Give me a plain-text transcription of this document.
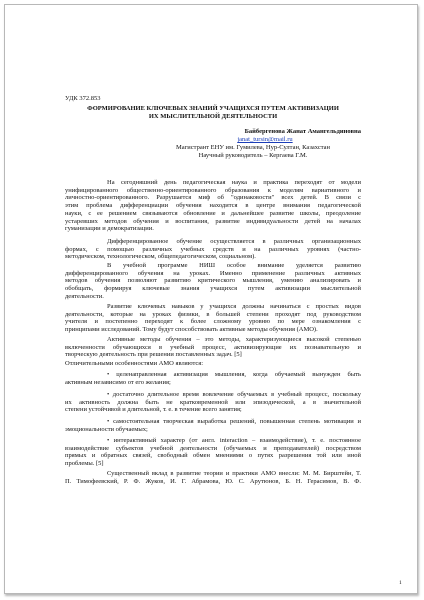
УДК 372.853
ФОРМИРОВАНИЕ КЛЮЧЕВЫХ ЗНАНИЙ УЧАЩИХСЯ ПУТЕМ АКТИВИЗАЦИИ
ИХ МЫСЛИТЕЛЬНОЙ ДЕЯТЕЛЬНОСТИ
Байбергенова Жанат Амангельдиновна
janat_tursin@mail.ru
Магистрант ЕНУ им. Гумилева, Нур-Султан, Казахстан
Научный руководитель – Кергаева Г.М.
На сегодняшний день педагогическая наука и практика переходят от модели
унифицированного общественно-ориентированного образования к моделям вариативного и
личностно-ориентированного. Разрушается миф об "одинаковости" всех детей. В связи с
этим проблема дифференциации обучения находится в центре внимания педагогической
науки, с ее решением связываются обновление и дальнейшее развитие школы, преодоление
устаревших методов обучения и воспитания, развитие индивидуальности детей на началах
гуманизации и демократизации.
Дифференцированное обучение осуществляется в различных организационных
формах, с помощью различных учебных средств и на различных уровнях (частно-
методическом, технологическом, общепедагогическом, социальном).
В учебной программе НИШ особое внимание уделяется развитию
дифференцированного обучения на уроках. Именно применение различных активных
методов обучения позволяют развитию критического мышления, умению анализировать и
обобщать, формируя ключевые знания учащихся путем активизации мыслительной
деятельности.
Развитие ключевых навыков у учащихся должны начинаться с простых видов
деятельности, которые на уроках физики, в большей степени проходят под руководством
учителя и постепенно переходят к более сложному уровню по мере ознакомления с
принципами исследований. Тому будут способствовать активные методы обучения (АМО).
Активные методы обучения – это методы, характеризующиеся высокой степенью
включенности обучающихся в учебный процесс, активизирующие их познавательную и
творческую деятельность при решении поставленных задач. [5]
Отличительными особенностями АМО являются:
• целенаправленная активизация мышления, когда обучаемый вынужден быть
активным независимо от его желания;
• достаточно длительное время вовлечение обучаемых в учебный процесс, поскольку
их активность должна быть не кратковременной или эпизодической, а в значительной
степени устойчивой и длительной, т. е. в течение всего занятия;
• самостоятельная творческая выработка решений, повышенная степень мотивации и
эмоциональности обучаемых;
• интерактивный характер (от англ. interaction – взаимодействие), т. е. постоянное
взаимодействие субъектов учебной деятельности (обучаемых и преподавателей) посредством
прямых и обратных связей, свободный обмен мнениями о путях разрешения той или иной
проблемы. [5]
Существенный вклад в развитие теории и практики АМО внесли: М. М. Бирштейн, Т.
П. Тимофеевский, Р. Ф. Жуков, И. Г. Абрамова, Ю. С. Арутюнов, Б. Н. Герасимов, В. Ф.
1
